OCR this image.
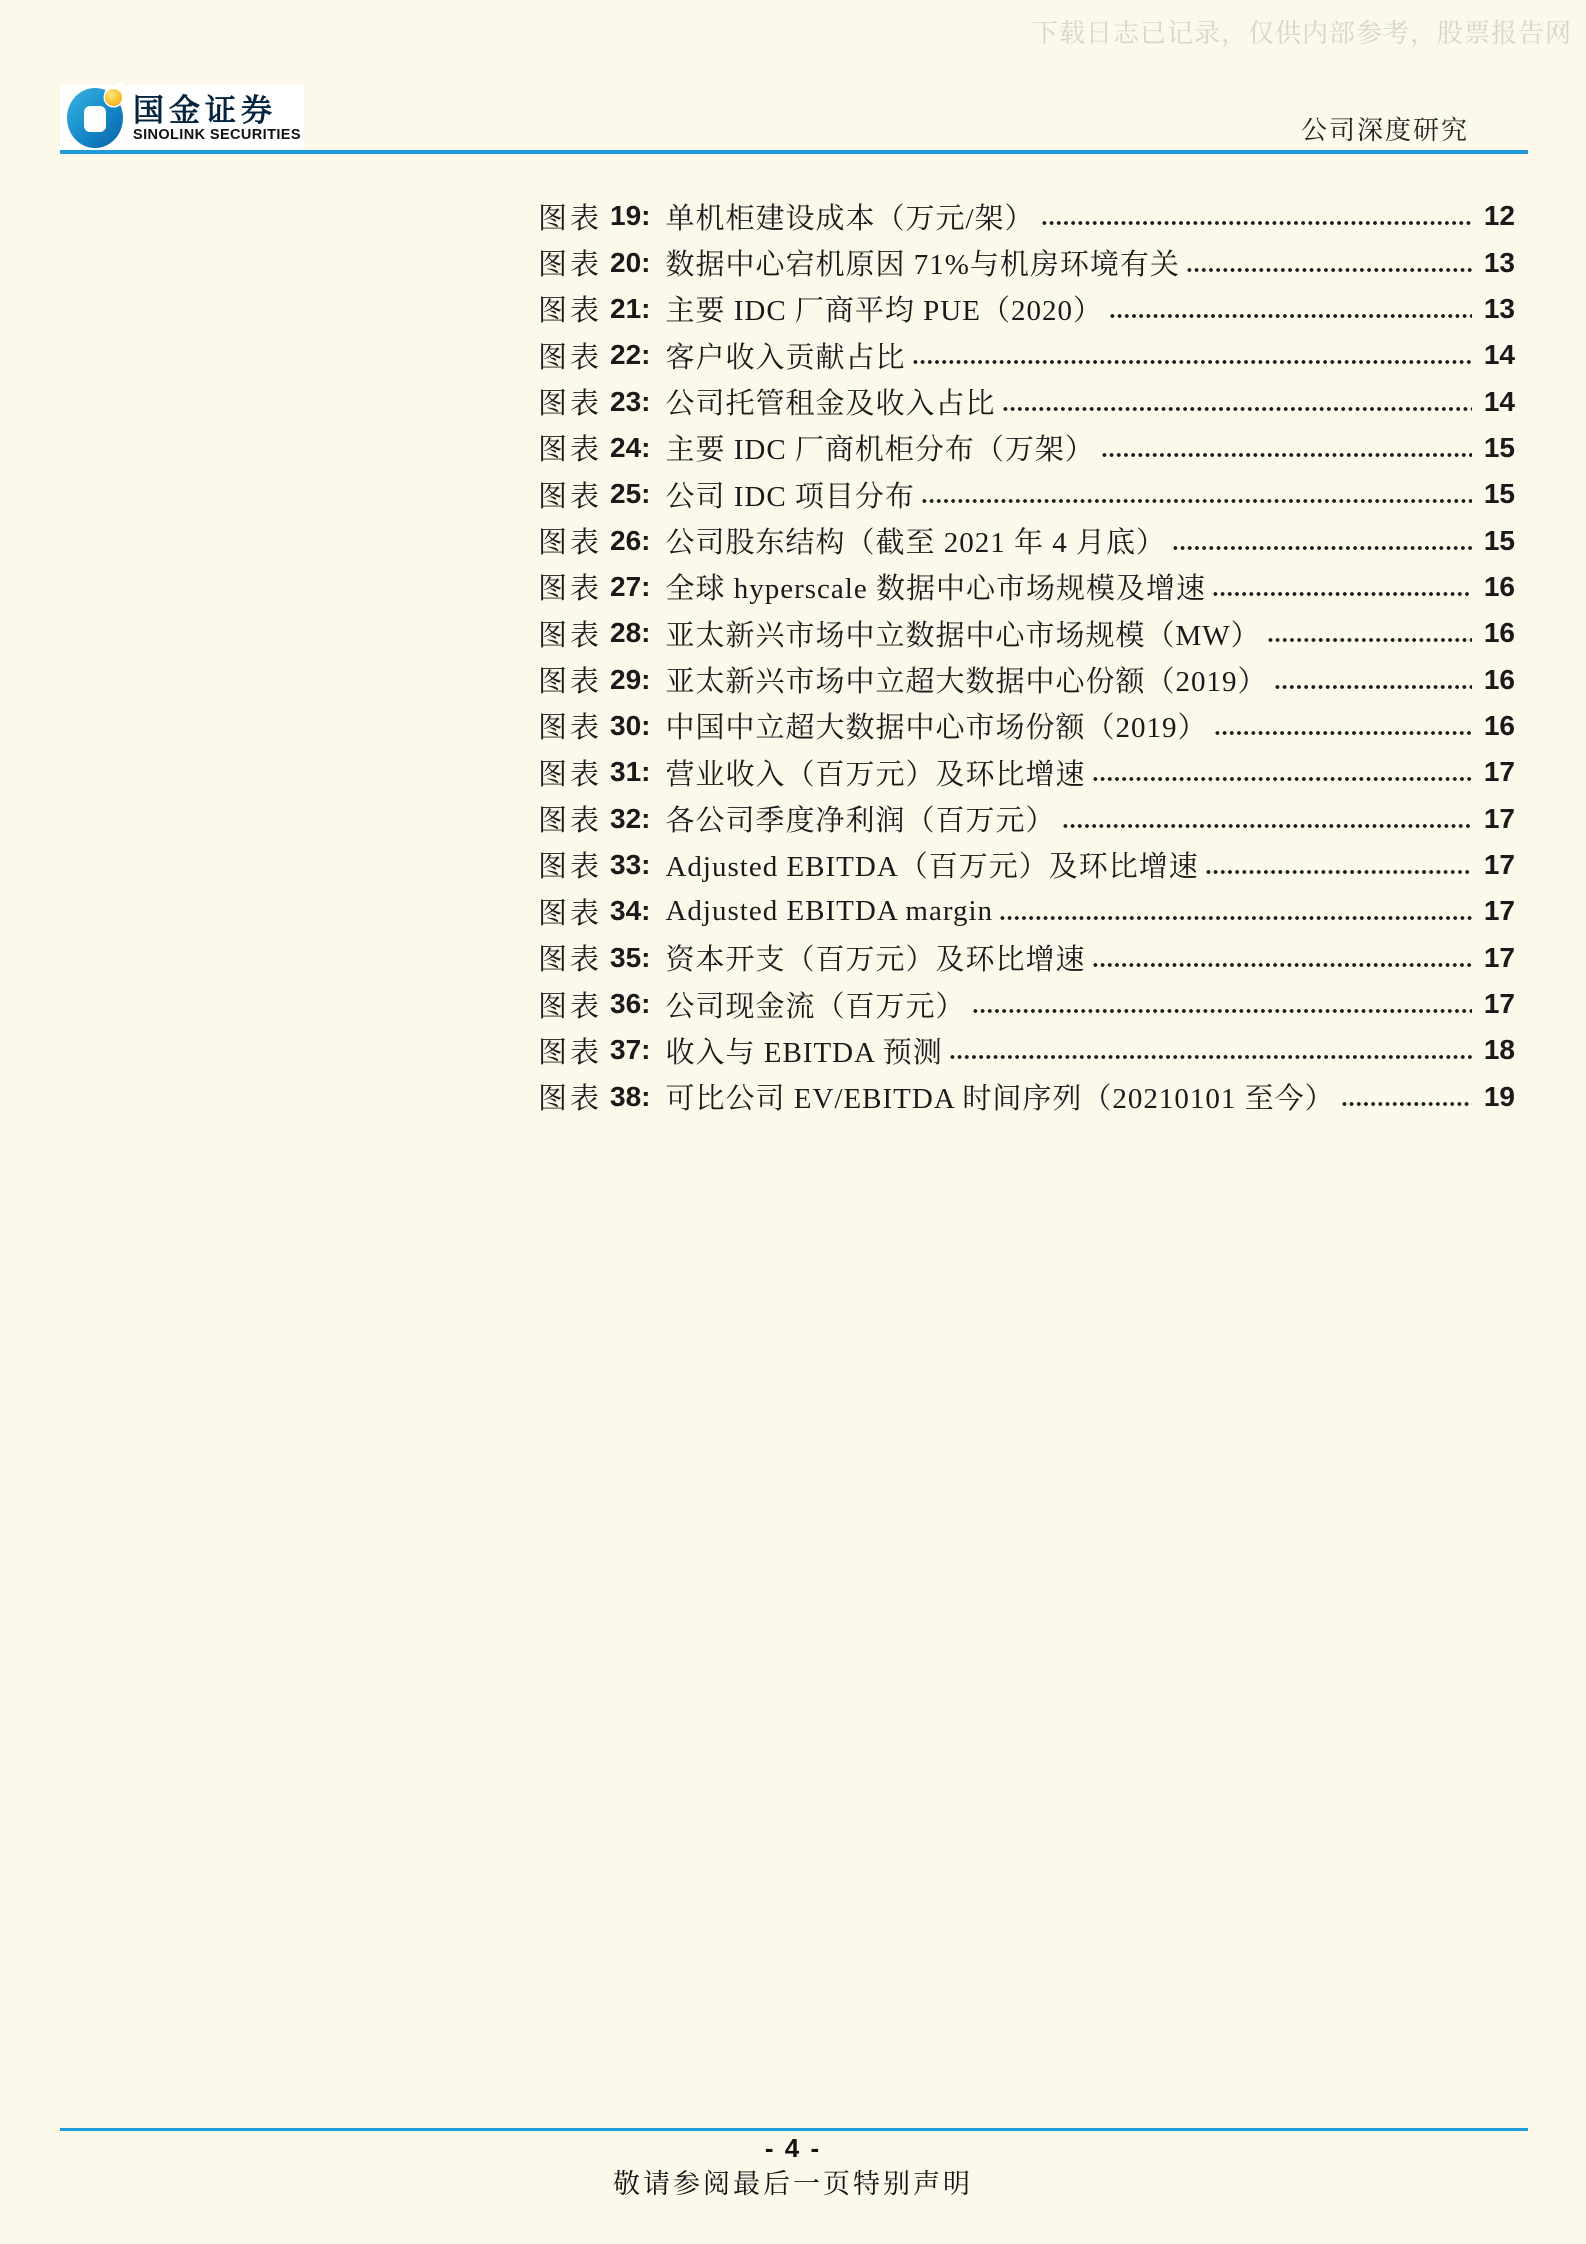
下载日志已记录，仅供内部参考，股票报告网
国金证券
SINOLINK SECURITIES	公司深度研究
图表 19: 单机柜建设成本（万元/架）	12
图表 20: 数据中心宕机原因 71%与机房环境有关	13
图表 21: 主要 IDC 厂商平均 PUE（2020）	13
图表 22: 客户收入贡献占比	14
图表 23: 公司托管租金及收入占比	14
图表 24: 主要 IDC 厂商机柜分布（万架）	15
图表 25: 公司 IDC 项目分布	15
图表 26: 公司股东结构（截至 2021 年 4 月底）	15
图表 27: 全球 hyperscale 数据中心市场规模及增速	16
图表 28: 亚太新兴市场中立数据中心市场规模（MW）	16
图表 29: 亚太新兴市场中立超大数据中心份额（2019）	16
图表 30: 中国中立超大数据中心市场份额（2019）	16
图表 31: 营业收入（百万元）及环比增速	17
图表 32: 各公司季度净利润（百万元）	17
图表 33: Adjusted EBITDA（百万元）及环比增速	17
图表 34: Adjusted EBITDA margin	17
图表 35: 资本开支（百万元）及环比增速	17
图表 36: 公司现金流（百万元）	17
图表 37: 收入与 EBITDA 预测	18
图表 38: 可比公司 EV/EBITDA 时间序列（20210101 至今）	19
- 4 -
敬请参阅最后一页特别声明
